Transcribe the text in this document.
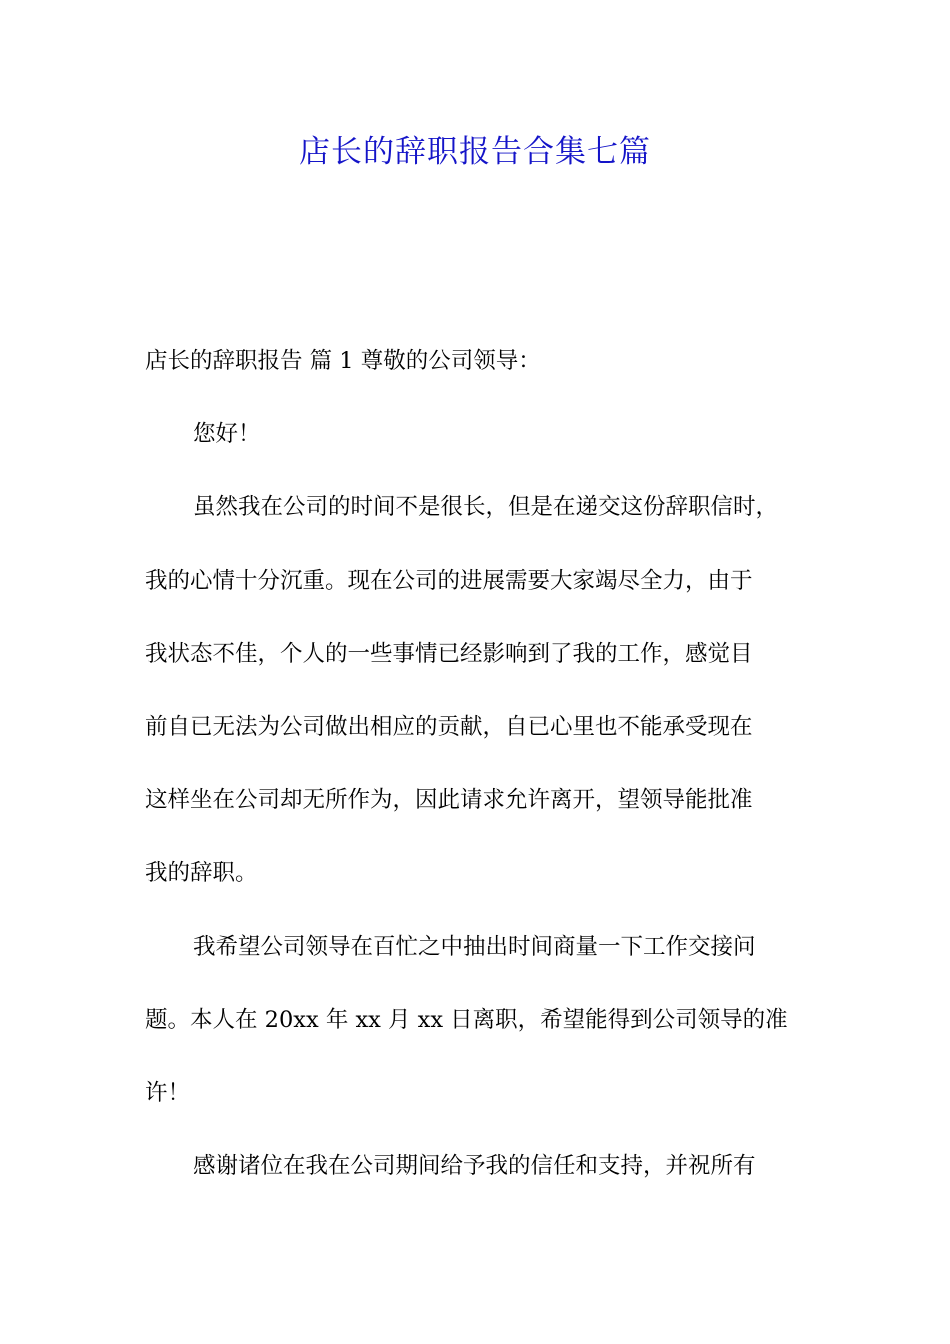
店长的辞职报告合集七篇
店长的辞职报告 篇 1 尊敬的公司领导：
您好！
虽然我在公司的时间不是很长，但是在递交这份辞职信时，
我的心情十分沉重。现在公司的进展需要大家竭尽全力，由于
我状态不佳，个人的一些事情已经影响到了我的工作，感觉目
前自已无法为公司做出相应的贡献，自已心里也不能承受现在
这样坐在公司却无所作为，因此请求允许离开，望领导能批准
我的辞职。
我希望公司领导在百忙之中抽出时间商量一下工作交接问
题。本人在 20xx 年 xx 月 xx 日离职，希望能得到公司领导的准
许！
感谢诸位在我在公司期间给予我的信任和支持，并祝所有
